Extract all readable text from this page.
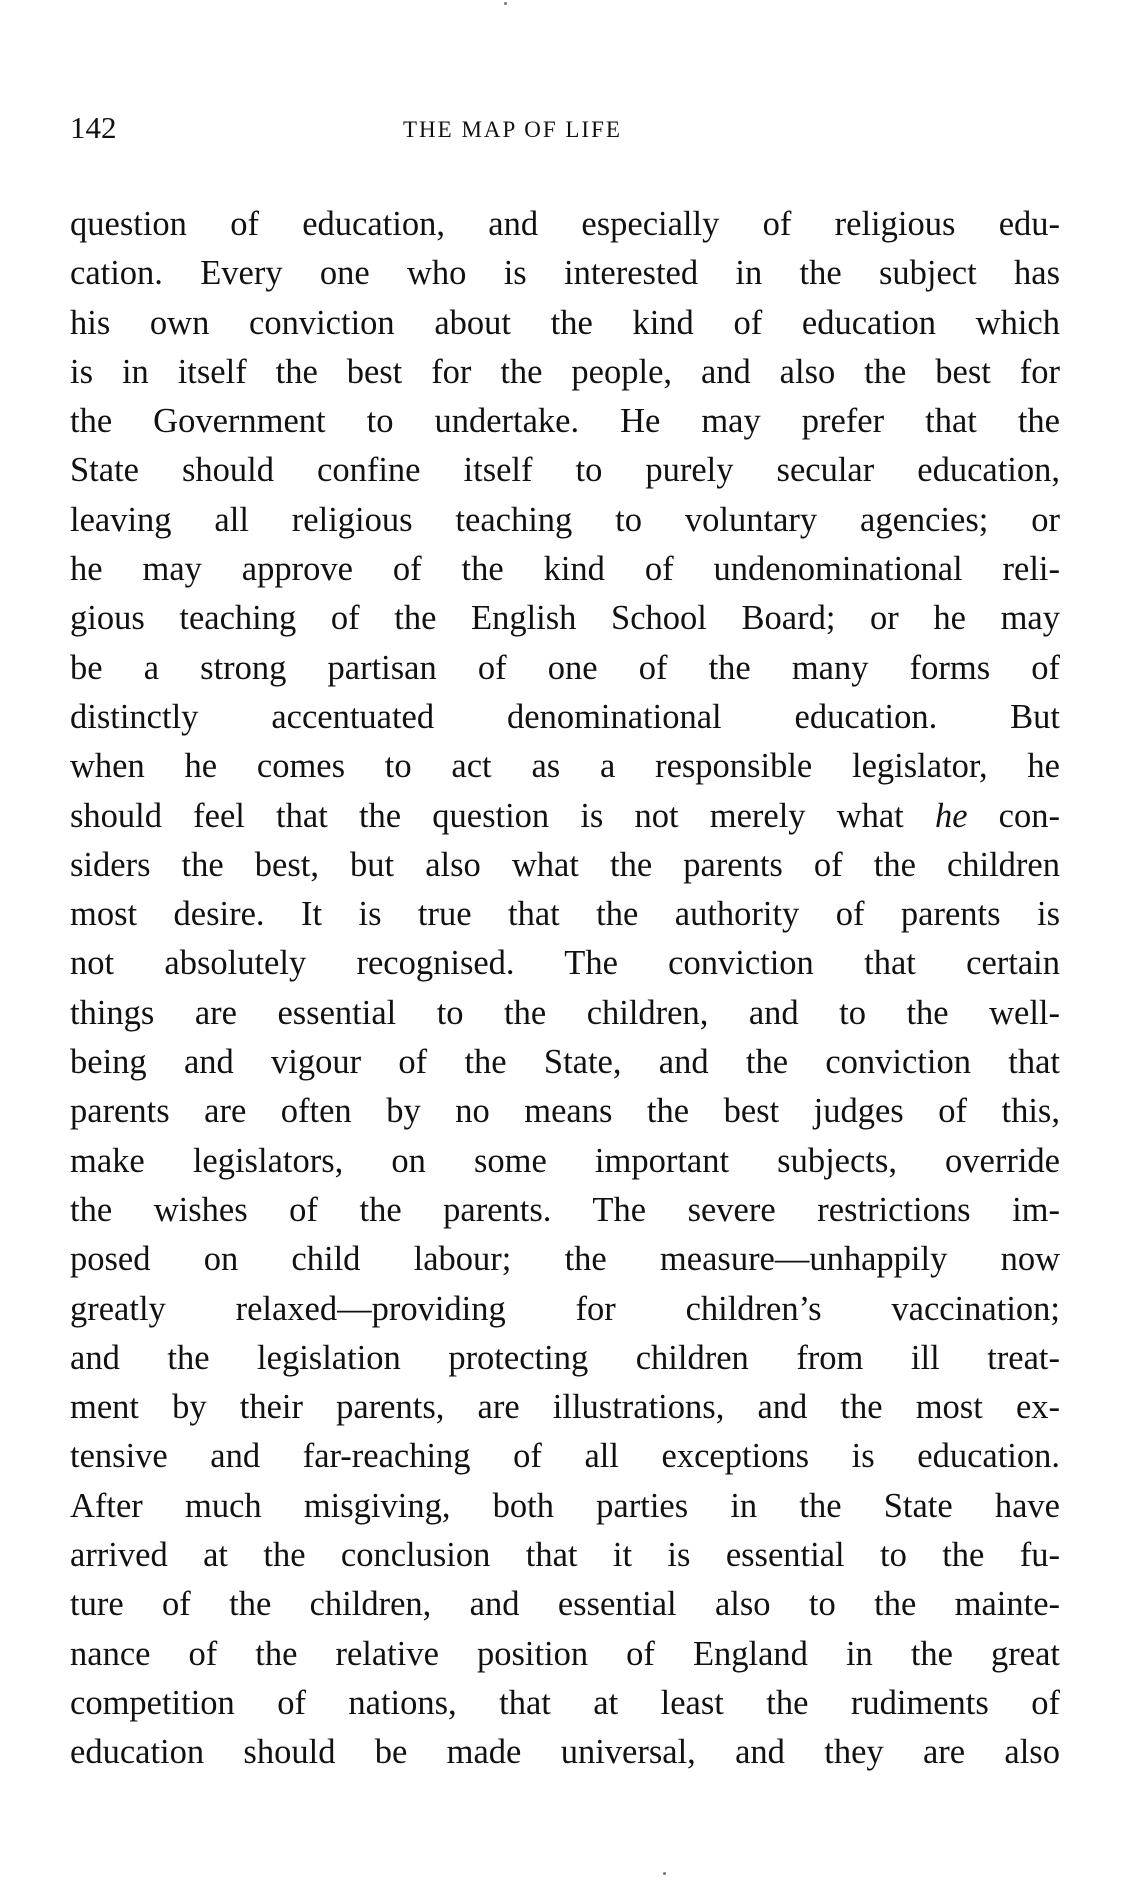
142	THE MAP OF LIFE
question of education, and especially of religious edu-
cation. Every one who is interested in the subject has
his own conviction about the kind of education which
is in itself the best for the people, and also the best for
the Government to undertake. He may prefer that the
State should confine itself to purely secular education,
leaving all religious teaching to voluntary agencies; or
he may approve of the kind of undenominational reli-
gious teaching of the English School Board; or he may
be a strong partisan of one of the many forms of
distinctly accentuated denominational education. But
when he comes to act as a responsible legislator, he
should feel that the question is not merely what he con-
siders the best, but also what the parents of the children
most desire. It is true that the authority of parents is
not absolutely recognised. The conviction that certain
things are essential to the children, and to the well-
being and vigour of the State, and the conviction that
parents are often by no means the best judges of this,
make legislators, on some important subjects, override
the wishes of the parents. The severe restrictions im-
posed on child labour; the measure—unhappily now
greatly relaxed—providing for children’s vaccination;
and the legislation protecting children from ill treat-
ment by their parents, are illustrations, and the most ex-
tensive and far-reaching of all exceptions is education.
After much misgiving, both parties in the State have
arrived at the conclusion that it is essential to the fu-
ture of the children, and essential also to the mainte-
nance of the relative position of England in the great
competition of nations, that at least the rudiments of
education should be made universal, and they are also
